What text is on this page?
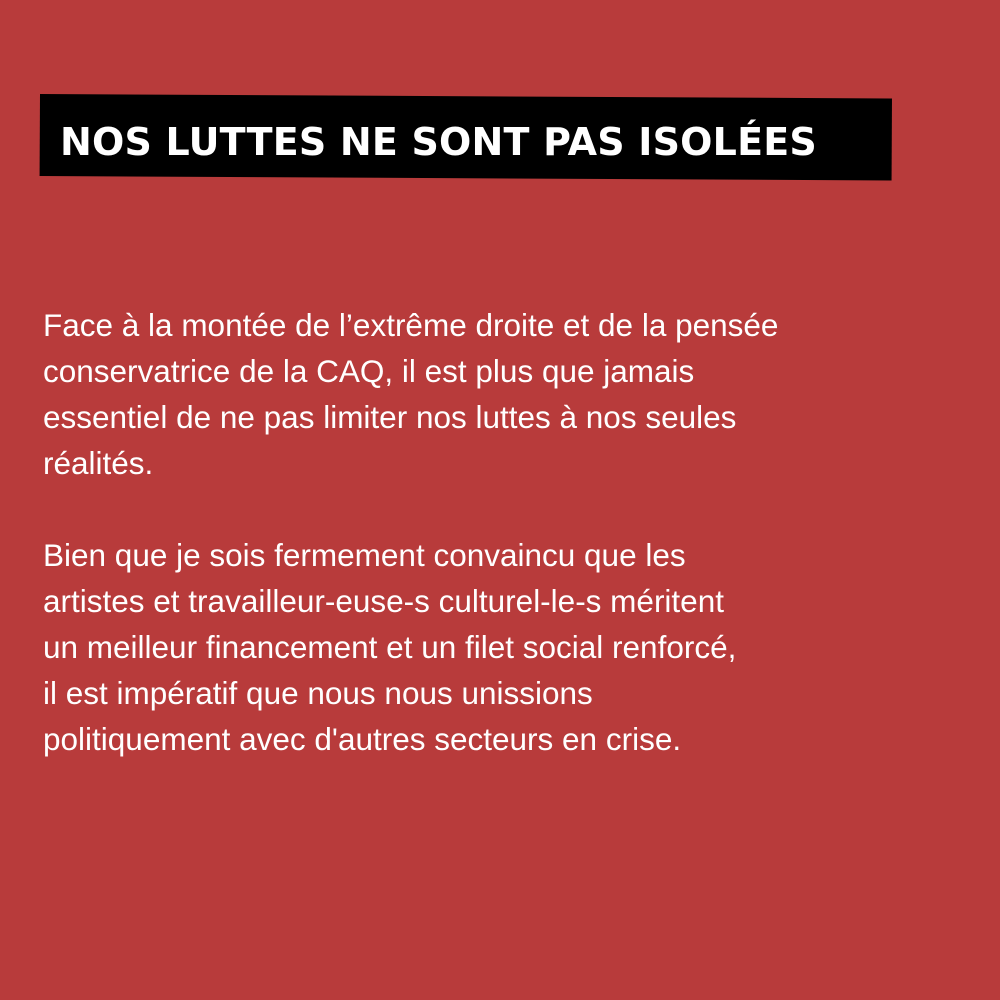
NOS LUTTES NE SONT PAS ISOLÉES

Face à la montée de l’extrême droite et de la pensée
conservatrice de la CAQ, il est plus que jamais
essentiel de ne pas limiter nos luttes à nos seules
réalités.

Bien que je sois fermement convaincu que les
artistes et travailleur-euse-s culturel-le-s méritent
un meilleur financement et un filet social renforcé,
il est impératif que nous nous unissions
politiquement avec d'autres secteurs en crise.
